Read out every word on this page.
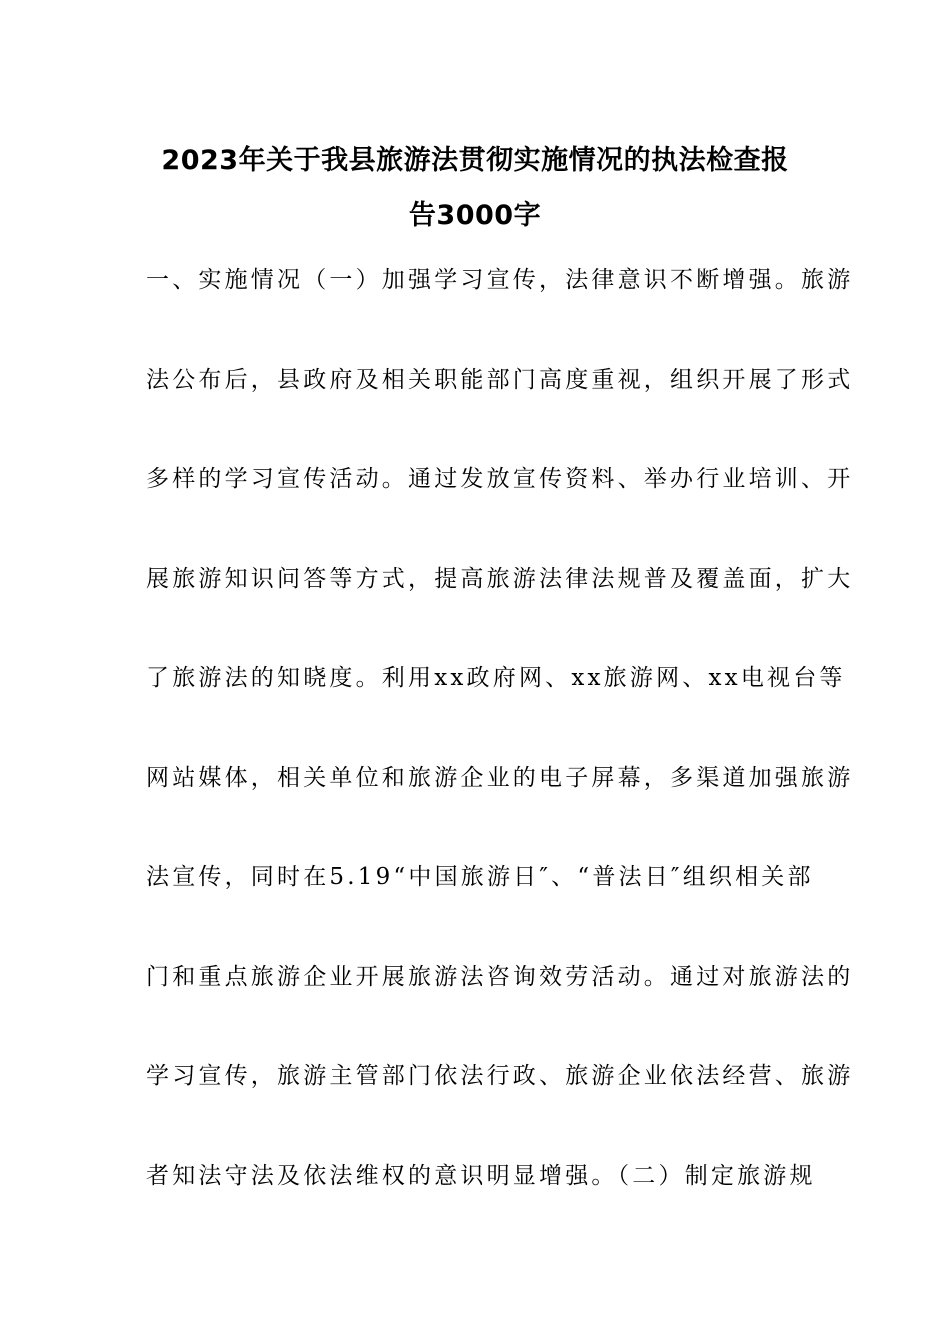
2023年关于我县旅游法贯彻实施情况的执法检查报
告3000字
一、实施情况（一）加强学习宣传，法律意识不断增强。旅游
法公布后，县政府及相关职能部门高度重视，组织开展了形式
多样的学习宣传活动。通过发放宣传资料、举办行业培训、开
展旅游知识问答等方式，提高旅游法律法规普及覆盖面，扩大
了旅游法的知晓度。利用xx政府网、xx旅游网、xx电视台等
网站媒体，相关单位和旅游企业的电子屏幕，多渠道加强旅游
法宣传，同时在5.19“中国旅游日″、“普法日″组织相关部
门和重点旅游企业开展旅游法咨询效劳活动。通过对旅游法的
学习宣传，旅游主管部门依法行政、旅游企业依法经营、旅游
者知法守法及依法维权的意识明显增强。（二）制定旅游规
